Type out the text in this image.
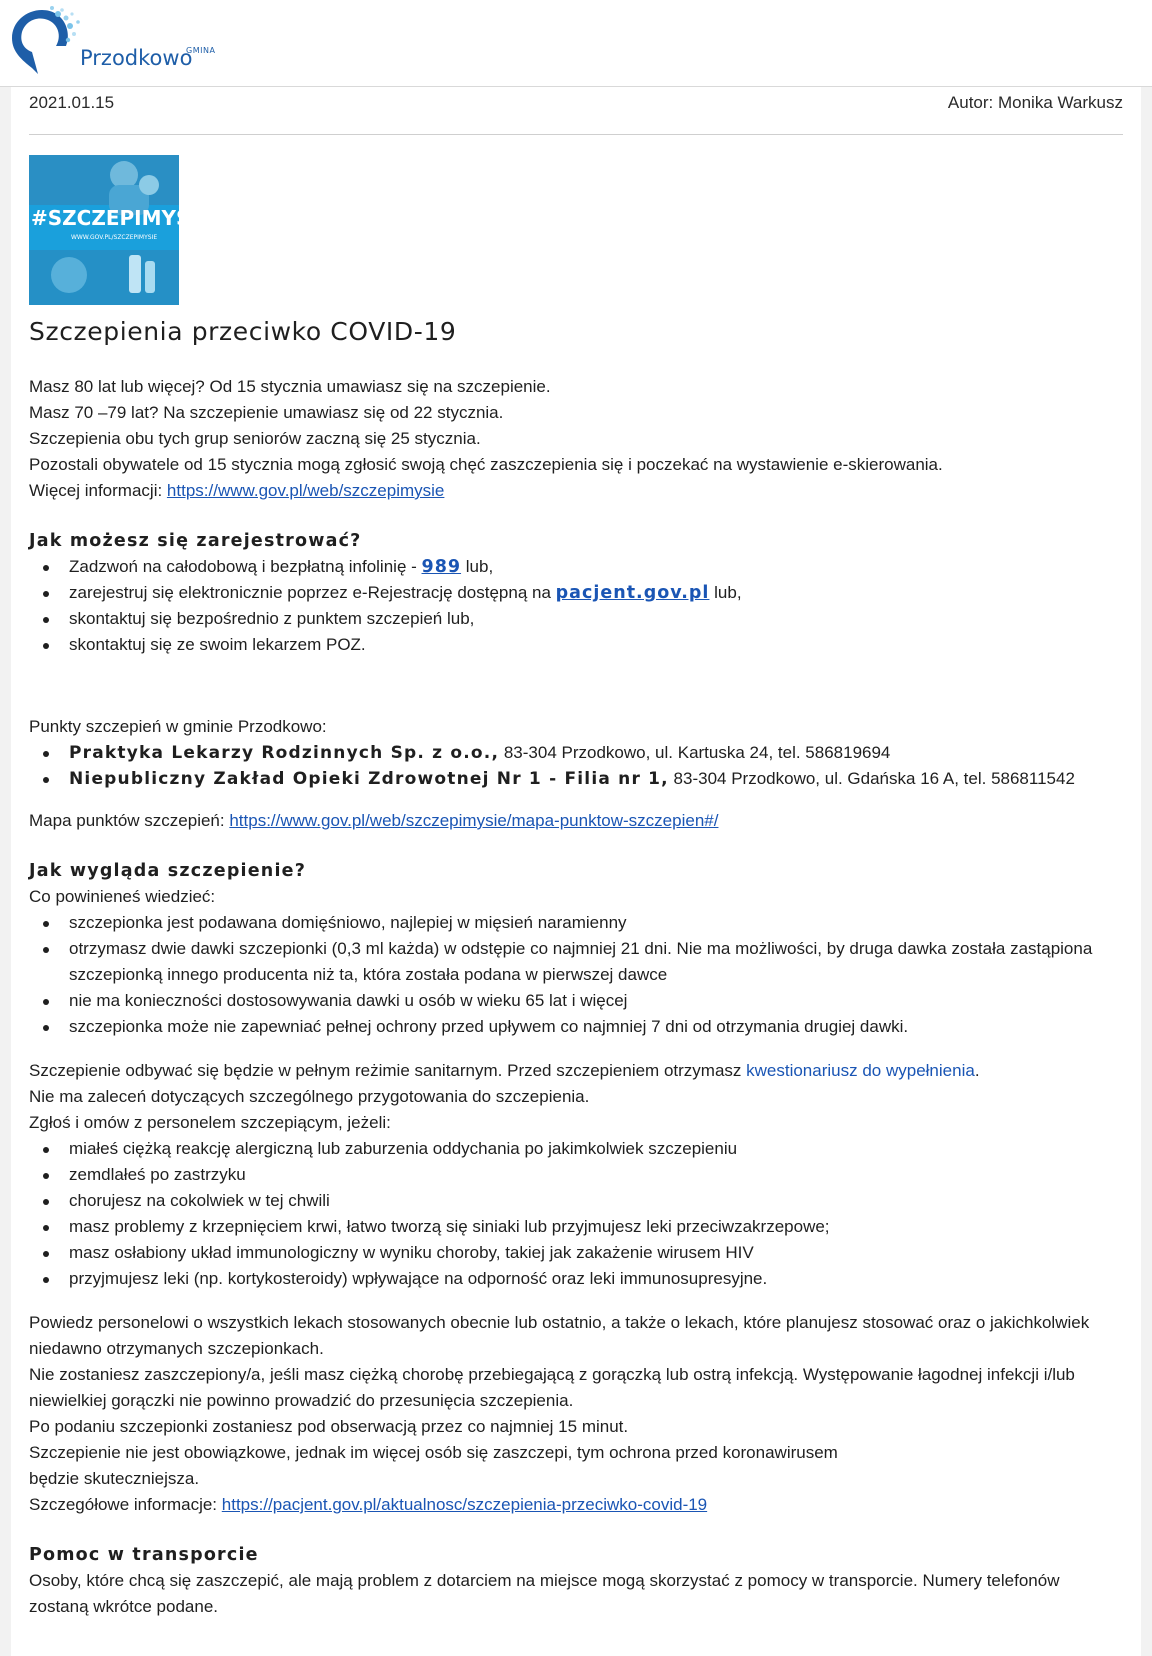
Przodkowo
GMINA
2021.01.15	Autor: Monika Warkusz
#SZCZEPIMYSIĘ
WWW.GOV.PL/SZCZEPIMYSIE
Szczepienia przeciwko COVID-19

Masz 80 lat lub więcej? Od 15 stycznia umawiasz się na szczepienie.

Masz 70 –79 lat? Na szczepienie umawiasz się od 22 stycznia.

Szczepienia obu tych grup seniorów zaczną się 25 stycznia.

Pozostali obywatele od 15 stycznia mogą zgłosić swoją chęć zaszczepienia się i poczekać na wystawienie e-skierowania.

Więcej informacji: https://www.gov.pl/web/szczepimysie

Jak możesz się zarejestrować?
Zadzwoń na całodobową i bezpłatną infolinię - 989 lub,
zarejestruj się elektronicznie poprzez e-Rejestrację dostępną na pacjent.gov.pl lub,
skontaktuj się bezpośrednio z punktem szczepień lub,
skontaktuj się ze swoim lekarzem POZ.

Punkty szczepień w gminie Przodkowo:

Praktyka Lekarzy Rodzinnych Sp. z o.o., 83-304 Przodkowo, ul. Kartuska 24, tel. 586819694
Niepubliczny Zakład Opieki Zdrowotnej Nr 1 - Filia nr 1, 83-304 Przodkowo, ul. Gdańska 16 A, tel. 586811542

Mapa punktów szczepień: https://www.gov.pl/web/szczepimysie/mapa-punktow-szczepien#/

Jak wygląda szczepienie?

Co powinieneś wiedzieć:

szczepionka jest podawana domięśniowo, najlepiej w mięsień naramienny
otrzymasz dwie dawki szczepionki (0,3 ml każda) w odstępie co najmniej 21 dni. Nie ma możliwości, by druga dawka została zastąpiona szczepionką innego producenta niż ta, która została podana w pierwszej dawce
nie ma konieczności dostosowywania dawki u osób w wieku 65 lat i więcej
szczepionka może nie zapewniać pełnej ochrony przed upływem co najmniej 7 dni od otrzymania drugiej dawki.

Szczepienie odbywać się będzie w pełnym reżimie sanitarnym. Przed szczepieniem otrzymasz kwestionariusz do wypełnienia.

Nie ma zaleceń dotyczących szczególnego przygotowania do szczepienia.

Zgłoś i omów z personelem szczepiącym, jeżeli:

miałeś ciężką reakcję alergiczną lub zaburzenia oddychania po jakimkolwiek szczepieniu
zemdlałeś po zastrzyku
chorujesz na cokolwiek w tej chwili
masz problemy z krzepnięciem krwi, łatwo tworzą się siniaki lub przyjmujesz leki przeciwzakrzepowe;
masz osłabiony układ immunologiczny w wyniku choroby, takiej jak zakażenie wirusem HIV
przyjmujesz leki (np. kortykosteroidy) wpływające na odporność oraz leki immunosupresyjne.

Powiedz personelowi o wszystkich lekach stosowanych obecnie lub ostatnio, a także o lekach, które planujesz stosować oraz o jakichkolwiek niedawno otrzymanych szczepionkach.

Nie zostaniesz zaszczepiony/a, jeśli masz ciężką chorobę przebiegającą z gorączką lub ostrą infekcją. Występowanie łagodnej infekcji i/lub niewielkiej gorączki nie powinno prowadzić do przesunięcia szczepienia.

Po podaniu szczepionki zostaniesz pod obserwacją przez co najmniej 15 minut.

Szczepienie nie jest obowiązkowe, jednak im więcej osób się zaszczepi, tym ochrona przed koronawirusem

będzie skuteczniejsza.

Szczegółowe informacje: https://pacjent.gov.pl/aktualnosc/szczepienia-przeciwko-covid-19

Pomoc w transporcie

Osoby, które chcą się zaszczepić, ale mają problem z dotarciem na miejsce mogą skorzystać z pomocy w transporcie. Numery telefonów zostaną wkrótce podane.
